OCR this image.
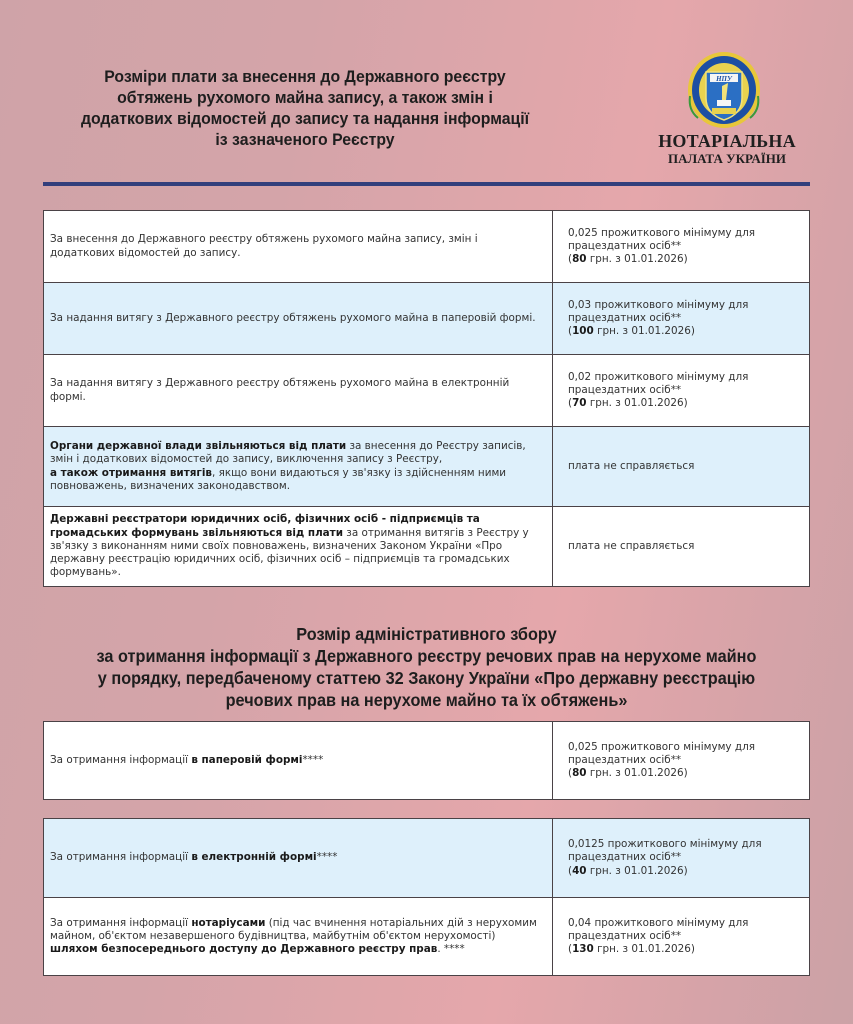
Розміри плати за внесення до Державного реєстру
обтяжень рухомого майна запису, а також змін і
додаткових відомостей до запису та надання інформації
із зазначеного Реєстру
НПУ
НОТАРІАЛЬНА
ПАЛАТА УКРАЇНИ
За внесення до Державного реєстру обтяжень рухомого майна запису, змін і додаткових відомостей до запису.	0,025 прожиткового мінімуму для працездатних осіб**
(80 грн. з 01.01.2026)
За надання витягу з Державного реєстру обтяжень рухомого майна в паперовій формі.	0,03 прожиткового мінімуму для працездатних осіб**
(100 грн. з 01.01.2026)
За надання витягу з Державного реєстру обтяжень рухомого майна в електронній формі.	0,02 прожиткового мінімуму для працездатних осіб**
(70 грн. з 01.01.2026)
Органи державної влади звільняються від плати за внесення до Реєстру записів, змін і додаткових відомостей до запису, виключення запису з Реєстру,
а також отримання витягів, якщо вони видаються у зв'язку із здійсненням ними повноважень, визначених законодавством.	плата не справляється
Державні реєстратори юридичних осіб, фізичних осіб - підприємців та громадських формувань звільняються від плати за отримання витягів з Реєстру у зв'язку з виконанням ними своїх повноважень, визначених Законом України «Про державну реєстрацію юридичних осіб, фізичних осіб – підприємців та громадських формувань».	плата не справляється
Розмір адміністративного збору
за отримання інформації з Державного реєстру речових прав на нерухоме майно
у порядку, передбаченому статтею 32 Закону України «Про державну реєстрацію
речових прав на нерухоме майно та їх обтяжень»
За отримання інформації в паперовій формі****	0,025 прожиткового мінімуму для працездатних осіб**
(80 грн. з 01.01.2026)
За отримання інформації в електронній формі****	0,0125 прожиткового мінімуму для працездатних осіб**
(40 грн. з 01.01.2026)
За отримання інформації нотаріусами (під час вчинення нотаріальних дій з нерухомим майном, об'єктом незавершеного будівництва, майбутнім об'єктом нерухомості) шляхом безпосереднього доступу до Державного реєстру прав. ****	0,04 прожиткового мінімуму для працездатних осіб**
(130 грн. з 01.01.2026)
